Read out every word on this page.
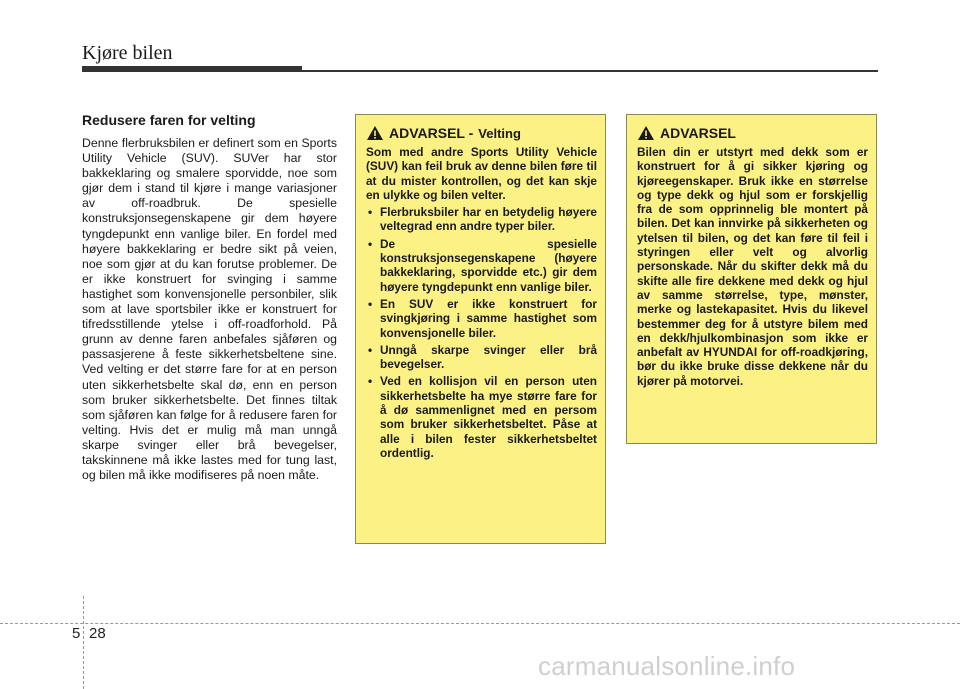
Kjøre bilen
Redusere faren for velting

Denne flerbruksbilen er definert som en Sports Utility Vehicle (SUV). SUVer har stor bakkeklaring og smalere sporvidde, noe som gjør dem i stand til kjøre i mange variasjoner av off-roadbruk. De spesielle konstruksjonsegenskapene gir dem høyere tyngdepunkt enn vanlige biler. En fordel med høyere bakkeklaring er bedre sikt på veien, noe som gjør at du kan forutse problemer. De er ikke konstruert for svinging i samme hastighet som konvensjonelle personbiler, slik som at lave sportsbiler ikke er konstruert for tifredsstillende ytelse i off-roadforhold. På grunn av denne faren anbefales sjåføren og passasjerene å feste sikkerhetsbeltene sine. Ved velting er det større fare for at en person uten sikkerhetsbelte skal dø, enn en person som bruker sikkerhetsbelte. Det finnes tiltak som sjåføren kan følge for å redusere faren for velting. Hvis det er mulig må man unngå skarpe svinger eller brå bevegelser, takskinnene må ikke lastes med for tung last, og bilen må ikke modifiseres på noen måte.

ADVARSEL - Velting

Som med andre Sports Utility Vehicle (SUV) kan feil bruk av denne bilen føre til at du mister kontrollen, og det kan skje en ulykke og bilen velter.

• Flerbruksbiler har en betydelig høyere veltegrad enn andre typer biler.
• De spesielle konstruksjonsegenskapene (høyere bakkeklaring, sporvidde etc.) gir dem høyere tyngdepunkt enn vanlige biler.
• En SUV er ikke konstruert for svingkjøring i samme hastighet som konvensjonelle biler.
• Unngå skarpe svinger eller brå bevegelser.
• Ved en kollisjon vil en person uten sikkerhetsbelte ha mye større fare for å dø sammenlignet med en persom som bruker sikkerhetsbeltet. Påse at alle i bilen fester sikkerhetsbeltet ordentlig.
ADVARSEL

Bilen din er utstyrt med dekk som er konstruert for å gi sikker kjøring og kjøreegenskaper. Bruk ikke en størrelse og type dekk og hjul som er forskjellig fra de som opprinnelig ble montert på bilen. Det kan innvirke på sikkerheten og ytelsen til bilen, og det kan føre til feil i styringen eller velt og alvorlig personskade. Når du skifter dekk må du skifte alle fire dekkene med dekk og hjul av samme størrelse, type, mønster, merke og lastekapasitet. Hvis du likevel bestemmer deg for å utstyre bilem med en dekk/hjulkombinasjon som ikke er anbefalt av HYUNDAI for off-roadkjøring, bør du ikke bruke disse dekkene når du kjører på motorvei.

5 28
carmanualsonline.info
